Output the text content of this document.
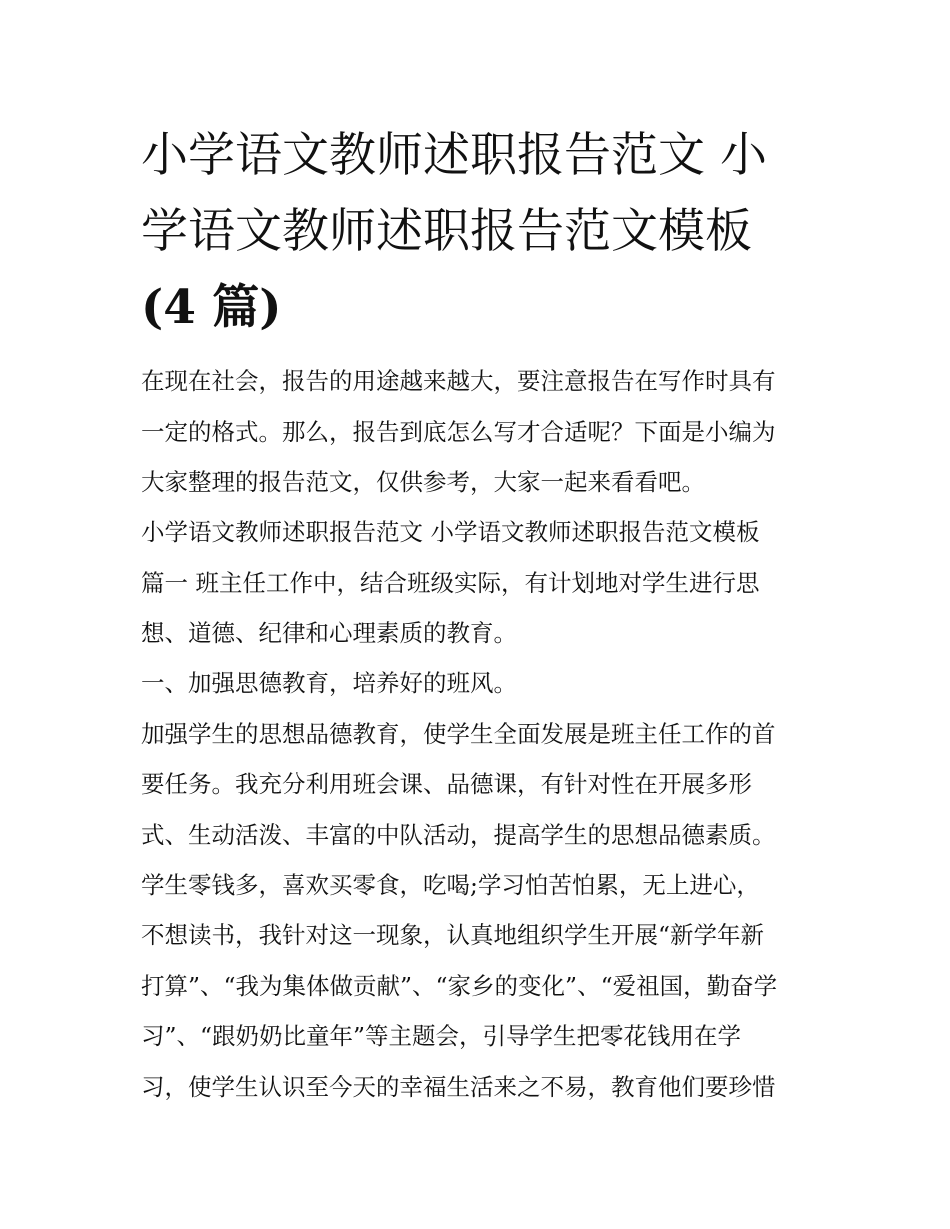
小学语文教师述职报告范文 小
学语文教师述职报告范文模板
(4 篇)

在现在社会，报告的用途越来越大，要注意报告在写作时具有

一定的格式。那么，报告到底怎么写才合适呢？下面是小编为

大家整理的报告范文，仅供参考，大家一起来看看吧。

小学语文教师述职报告范文 小学语文教师述职报告范文模板

篇一 班主任工作中，结合班级实际，有计划地对学生进行思

想、道德、纪律和心理素质的教育。

一、加强思德教育，培养好的班风。

加强学生的思想品德教育，使学生全面发展是班主任工作的首

要任务。我充分利用班会课、品德课，有针对性在开展多形

式、生动活泼、丰富的中队活动，提高学生的思想品德素质。

学生零钱多，喜欢买零食，吃喝;学习怕苦怕累，无上进心，

不想读书，我针对这一现象，认真地组织学生开展“新学年新

打算”、“我为集体做贡献”、“家乡的变化”、“爱祖国，勤奋学

习”、“跟奶奶比童年”等主题会，引导学生把零花钱用在学

习，使学生认识至今天的幸福生活来之不易，教育他们要珍惜
